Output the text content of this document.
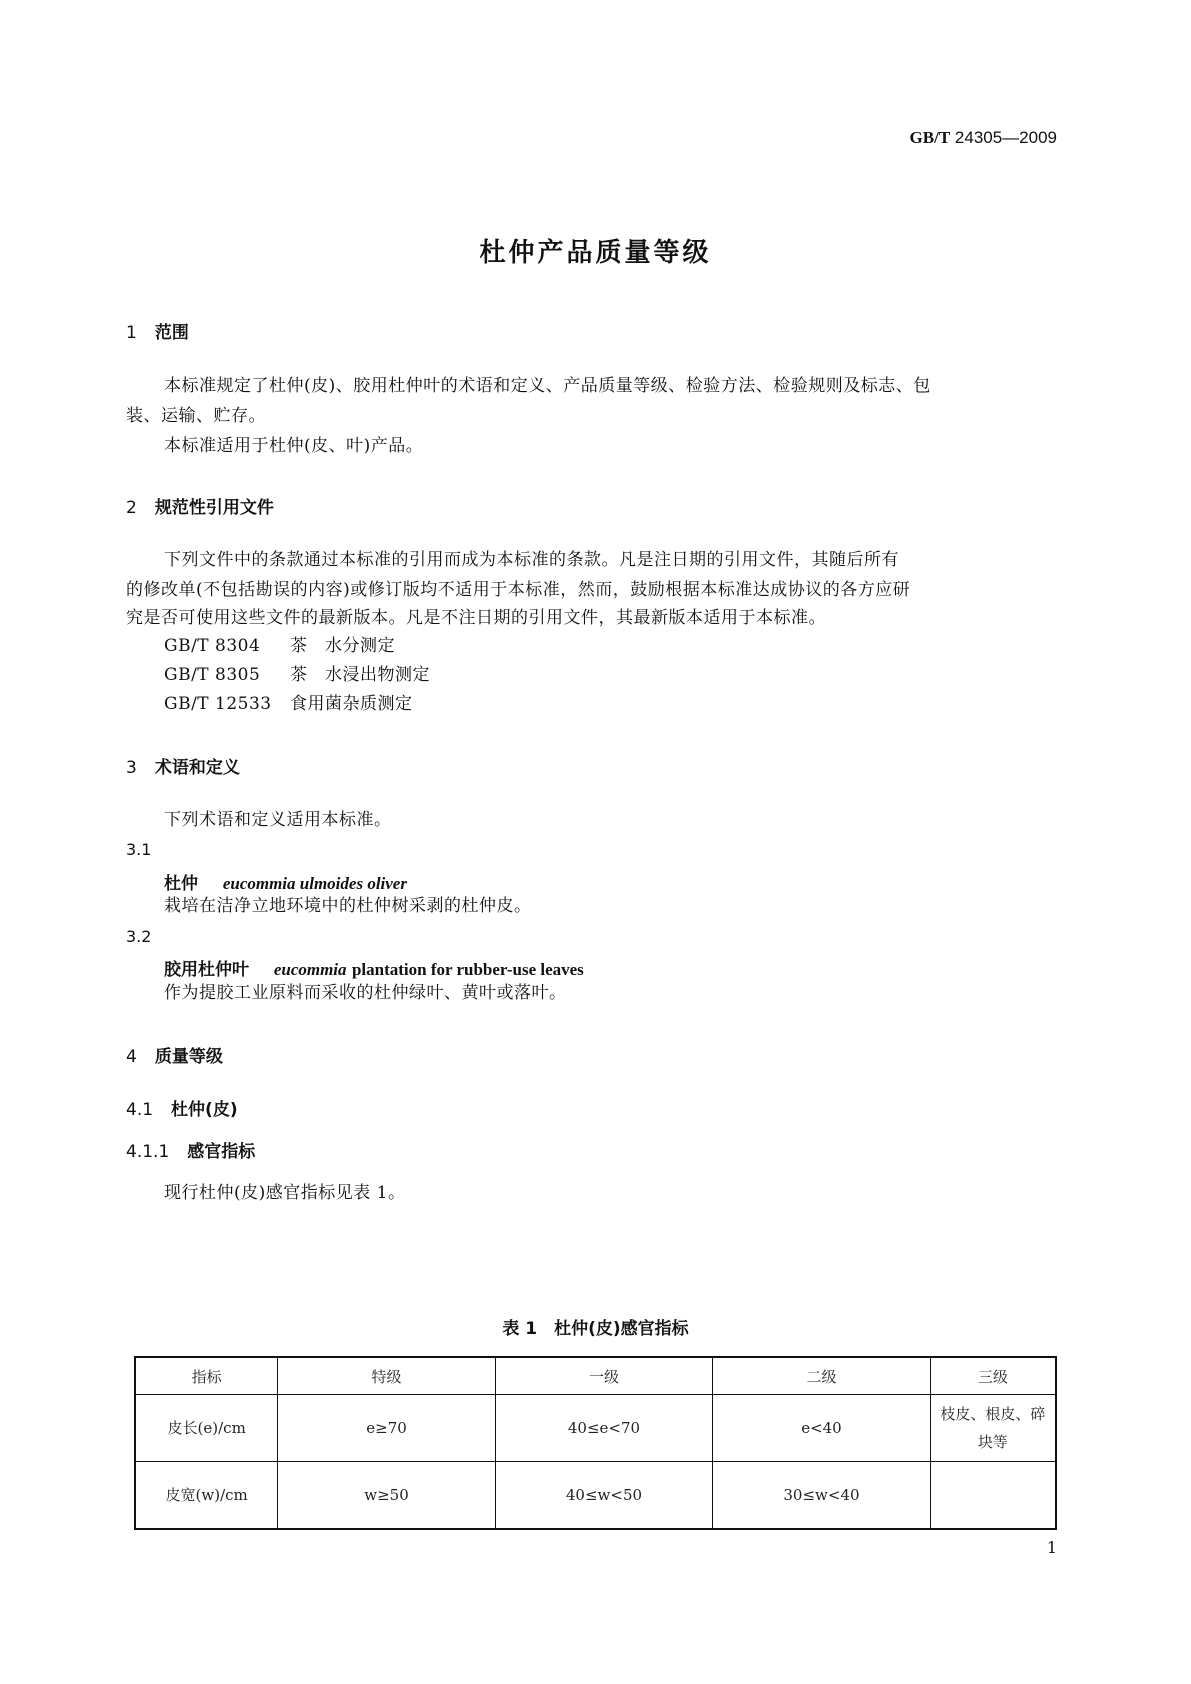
GB/T 24305—2009
杜仲产品质量等级
1 范围
本标准规定了杜仲(皮)、胶用杜仲叶的术语和定义、产品质量等级、检验方法、检验规则及标志、包
装、运输、贮存。
本标准适用于杜仲(皮、叶)产品。
2 规范性引用文件
下列文件中的条款通过本标准的引用而成为本标准的条款。凡是注日期的引用文件，其随后所有
的修改单(不包括勘误的内容)或修订版均不适用于本标准，然而，鼓励根据本标准达成协议的各方应研
究是否可使用这些文件的最新版本。凡是不注日期的引用文件，其最新版本适用于本标准。
GB/T 8304 茶　水分测定
GB/T 8305 茶　水浸出物测定
GB/T 12533 食用菌杂质测定
3 术语和定义
下列术语和定义适用本标准。
3.1
杜仲 eucommia ulmoides oliver
栽培在洁净立地环境中的杜仲树采剥的杜仲皮。
3.2
胶用杜仲叶 eucommia plantation for rubber-use leaves
作为提胶工业原料而采收的杜仲绿叶、黄叶或落叶。
4 质量等级
4.1 杜仲(皮)
4.1.1 感官指标
现行杜仲(皮)感官指标见表 1。
表 1　杜仲(皮)感官指标
指标	特级	一级	二级	三级
皮长(e)/cm	e≥70	40≤e<70	e<40	枝皮、根皮、碎块等
皮宽(w)/cm	w≥50	40≤w<50	30≤w<40	
1
